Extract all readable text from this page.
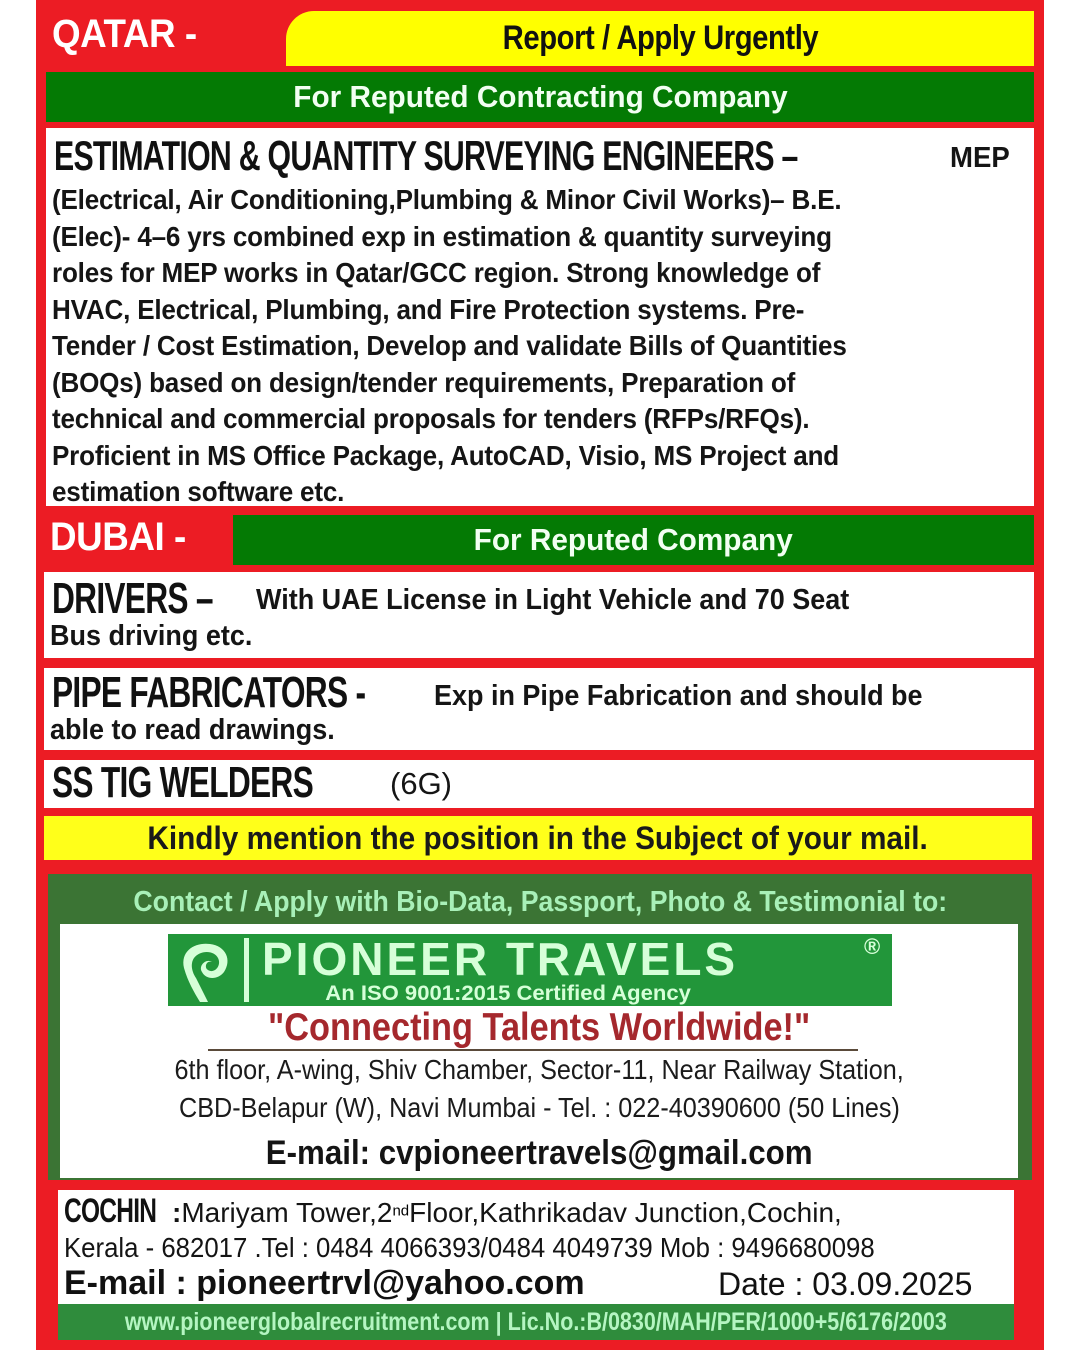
QATAR -	Report / Apply Urgently
For Reputed Contracting Company
ESTIMATION & QUANTITY SURVEYING ENGINEERS –	MEP

(Electrical, Air Conditioning,Plumbing & Minor Civil Works)– B.E.

(Elec)- 4–6 yrs combined exp in estimation & quantity surveying

roles for MEP works in Qatar/GCC region. Strong knowledge of

HVAC, Electrical, Plumbing, and Fire Protection systems. Pre-

Tender / Cost Estimation, Develop and validate Bills of Quantities

(BOQs) based on design/tender requirements, Preparation of

technical and commercial proposals for tenders (RFPs/RFQs).

Proficient in MS Office Package, AutoCAD, Visio, MS Project and

estimation software etc.

DUBAI -	For Reputed Company
DRIVERS –	With UAE License in Light Vehicle and 70 Seat
Bus driving etc.
PIPE FABRICATORS -	Exp in Pipe Fabrication and should be
able to read drawings.
SS TIG WELDERS	(6G)
Kindly mention the position in the Subject of your mail.
Contact / Apply with Bio-Data, Passport, Photo & Testimonial to:
PIONEER TRAVELS	®
An ISO 9001:2015 Certified Agency
"Connecting Talents Worldwide!"
6th floor, A-wing, Shiv Chamber, Sector-11, Near Railway Station,
CBD-Belapur (W), Navi Mumbai - Tel. : 022-40390600 (50 Lines)
E-mail: cvpioneertravels@gmail.com
COCHIN :Mariyam Tower,2ndFloor,Kathrikadav Junction,Cochin,
Kerala - 682017 .Tel : 0484 4066393/0484 4049739 Mob : 9496680098
E-mail : pioneertrvl@yahoo.com	Date : 03.09.2025
www.pioneerglobalrecruitment.com | Lic.No.:B/0830/MAH/PER/1000+5/6176/2003
